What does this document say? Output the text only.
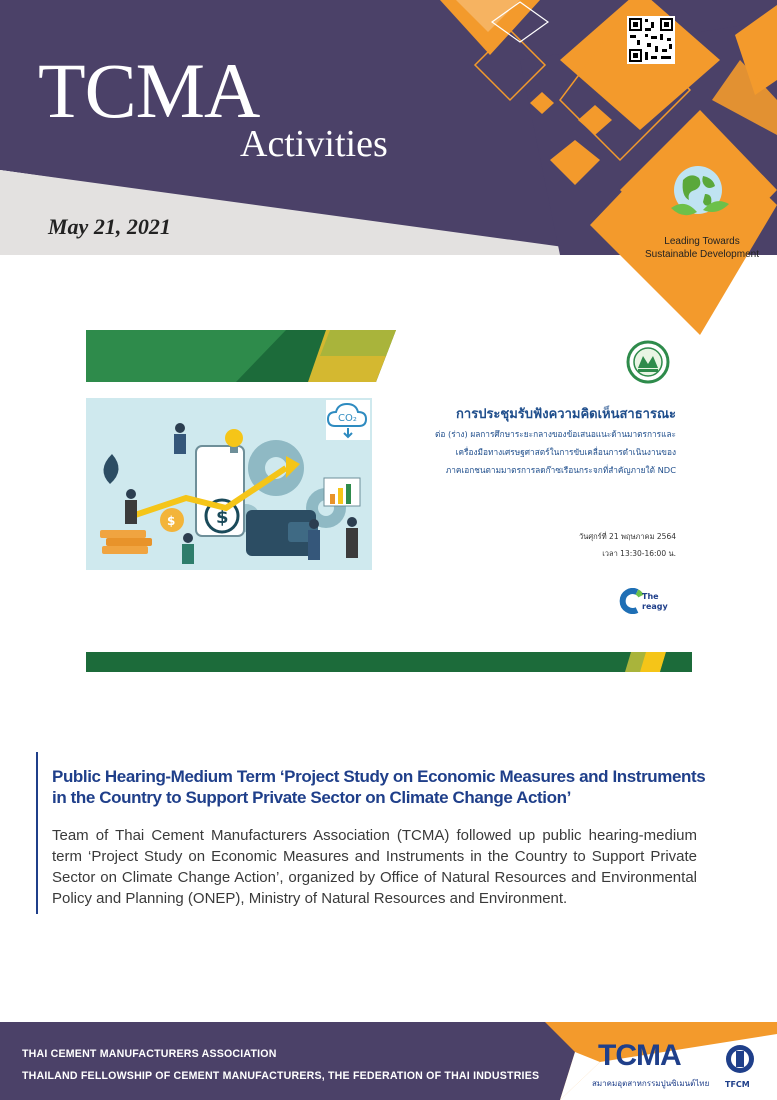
TCMA
Activities
May 21, 2021
Leading Towards
Sustainable Development
$
$
CO₂	การประชุมรับฟังความคิดเห็นสาธารณะ
ต่อ (ร่าง) ผลการศึกษาระยะกลางของข้อเสนอแนะด้านมาตรการและ
เครื่องมือทางเศรษฐศาสตร์ในการขับเคลื่อนการดำเนินงานของ
ภาคเอกชนตามมาตรการลดก๊าซเรือนกระจกที่สำคัญภายใต้ NDC
วันศุกร์ที่ 21 พฤษภาคม 2564
เวลา 13:30-16:00 น.
The
reagy
Public Hearing-Medium Term ‘Project Study on Economic Measures and Instruments in the Country to Support Private Sector on Climate Change Action’
Team of Thai Cement Manufacturers Association (TCMA) followed up public hearing-medium term ‘Project Study on Economic Measures and Instruments in the Country to Support Private Sector on Climate Change Action’, organized by Office of Natural Resources and Environmental Policy and Planning (ONEP), Ministry of Natural Resources and Environment.
THAI CEMENT MANUFACTURERS ASSOCIATION
THAILAND FELLOWSHIP OF CEMENT MANUFACTURERS, THE FEDERATION OF THAI INDUSTRIES
TCMA
สมาคมอุตสาหกรรมปูนซิเมนต์ไทย TFCM
